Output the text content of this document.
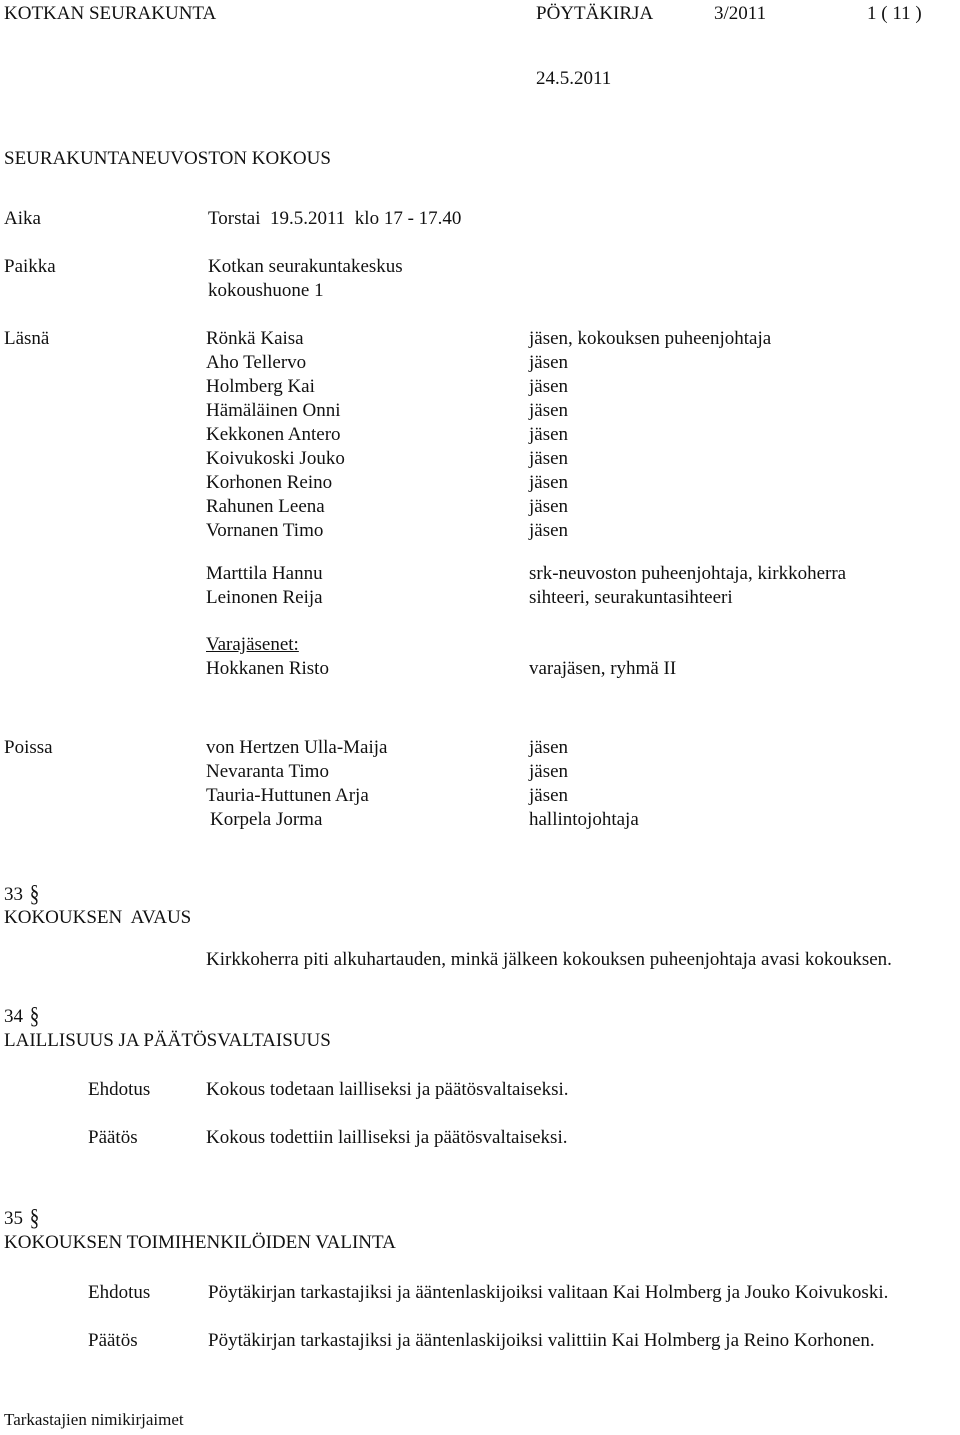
KOTKAN SEURAKUNTA	PÖYTÄKIRJA	3/2011	1 ( 11 )
24.5.2011
SEURAKUNTANEUVOSTON KOKOUS
Aika	Torstai  19.5.2011  klo 17 - 17.40
Paikka	Kotkan seurakuntakeskus
kokoushuone 1
Läsnä	Rönkä Kaisa	jäsen, kokouksen puheenjohtaja
Aho Tellervo	jäsen
Holmberg Kai	jäsen
Hämäläinen Onni	jäsen
Kekkonen Antero	jäsen
Koivukoski Jouko	jäsen
Korhonen Reino	jäsen
Rahunen Leena	jäsen
Vornanen Timo	jäsen
Marttila Hannu	srk-neuvoston puheenjohtaja, kirkkoherra
Leinonen Reija	sihteeri, seurakuntasihteeri
Varajäsenet:
Hokkanen Risto	varajäsen, ryhmä II
Poissa	von Hertzen Ulla-Maija	jäsen
Nevaranta Timo	jäsen
Tauria-Huttunen Arja	jäsen
Korpela Jorma	hallintojohtaja
33 §
KOKOUKSEN  AVAUS
Kirkkoherra piti alkuhartauden, minkä jälkeen kokouksen puheenjohtaja avasi kokouksen.
34 §
LAILLISUUS JA PÄÄTÖSVALTAISUUS
Ehdotus	Kokous todetaan lailliseksi ja päätösvaltaiseksi.
Päätös	Kokous todettiin lailliseksi ja päätösvaltaiseksi.
35 §
KOKOUKSEN TOIMIHENKILÖIDEN VALINTA
Ehdotus	Pöytäkirjan tarkastajiksi ja ääntenlaskijoiksi valitaan Kai Holmberg ja Jouko Koivukoski.
Päätös	Pöytäkirjan tarkastajiksi ja ääntenlaskijoiksi valittiin Kai Holmberg ja Reino Korhonen.
Tarkastajien nimikirjaimet
